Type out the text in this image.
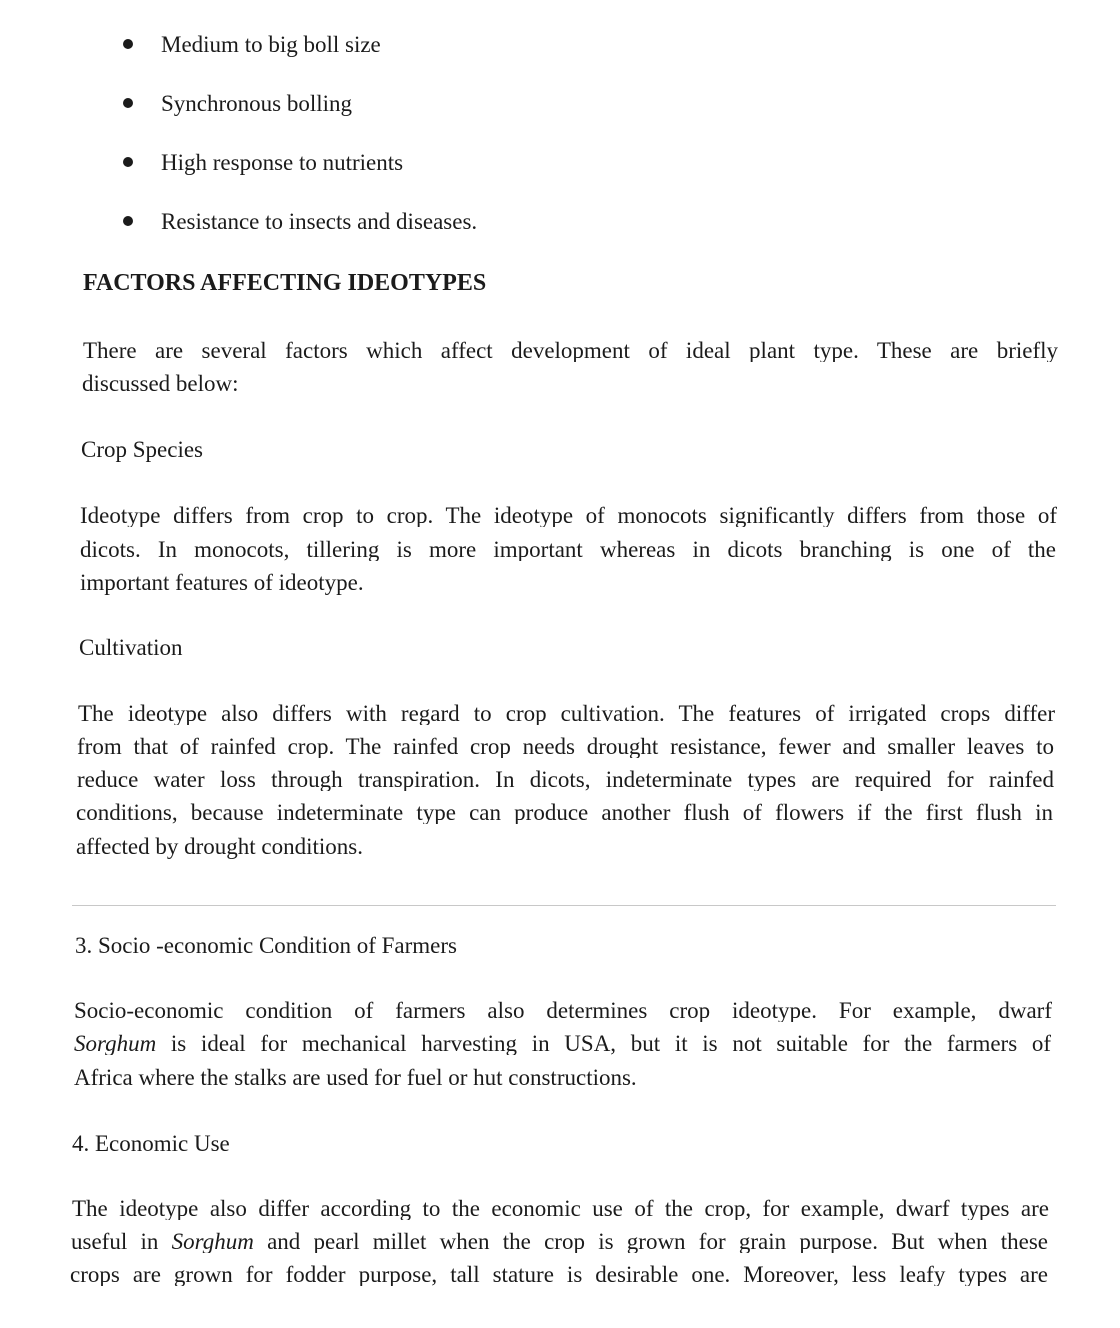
Medium to big boll size
Synchronous bolling
High response to nutrients
Resistance to insects and diseases.
FACTORS AFFECTING IDEOTYPES
There are several factors which affect development of ideal plant type. These are briefly
discussed below:
Crop Species
Ideotype differs from crop to crop. The ideotype of monocots significantly differs from those of
dicots. In monocots, tillering is more important whereas in dicots branching is one of the
important features of ideotype.
Cultivation
The ideotype also differs with regard to crop cultivation. The features of irrigated crops differ
from that of rainfed crop. The rainfed crop needs drought resistance, fewer and smaller leaves to
reduce water loss through transpiration. In dicots, indeterminate types are required for rainfed
conditions, because indeterminate type can produce another flush of flowers if the first flush in
affected by drought conditions.
3. Socio -economic Condition of Farmers
Socio-economic condition of farmers also determines crop ideotype. For example, dwarf
Sorghum is ideal for mechanical harvesting in USA, but it is not suitable for the farmers of
Africa where the stalks are used for fuel or hut constructions.
4. Economic Use
The ideotype also differ according to the economic use of the crop, for example, dwarf types are
useful in Sorghum and pearl millet when the crop is grown for grain purpose. But when these
crops are grown for fodder purpose, tall stature is desirable one. Moreover, less leafy types are
